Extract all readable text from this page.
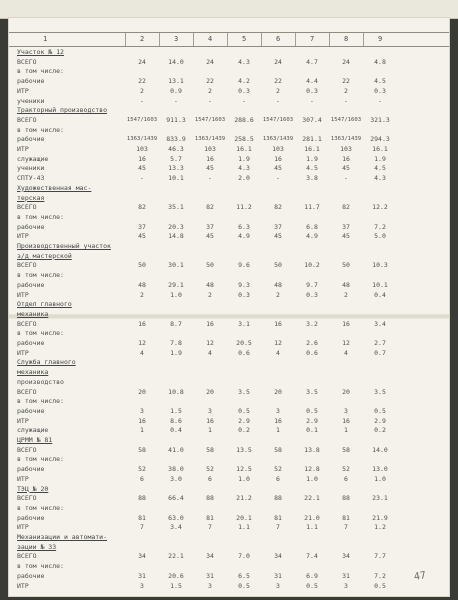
1	2	3	4	5	6	7	8	9
Участок № 12
ВСЕГО	24	14.0	24	4.3	24	4.7	24	4.8
в том числе:
рабочие	22	13.1	22	4.2	22	4.4	22	4.5
ИТР	2	0.9	2	0.3	2	0.3	2	0.3
ученики	-	-	-	-	-	-	-	-
Тракторный производство
ВСЕГО	1547/1603	911.3	1547/1603	288.6	1547/1603	307.4	1547/1603	321.3
в том числе:
рабочие	1363/1439	833.9	1363/1439	258.5	1363/1439	281.1	1363/1439	294.3
ИТР	103	46.3	103	16.1	103	16.1	103	16.1
служащие	16	5.7	16	1.9	16	1.9	16	1.9
ученики	45	13.3	45	4.3	45	4.5	45	4.5
СПТУ-43	-	10.1	-	2.0	-	3.8	-	4.3
Художественная мас-
терская
ВСЕГО	82	35.1	82	11.2	82	11.7	82	12.2
в том числе:
рабочие	37	20.3	37	6.3	37	6.8	37	7.2
ИТР	45	14.8	45	4.9	45	4.9	45	5.0
Производственный участок
з/д мастерской
ВСЕГО	50	30.1	50	9.6	50	10.2	50	10.3
в том числе:
рабочие	48	29.1	48	9.3	48	9.7	48	10.1
ИТР	2	1.0	2	0.3	2	0.3	2	0.4
Отдел главного
механика
ВСЕГО	16	8.7	16	3.1	16	3.2	16	3.4
в том числе:
рабочие	12	7.8	12	20.5	12	2.6	12	2.7
ИТР	4	1.9	4	0.6	4	0.6	4	0.7
Служба главного
механика
производство
ВСЕГО	20	10.8	20	3.5	20	3.5	20	3.5
в том числе:
рабочие	3	1.5	3	0.5	3	0.5	3	0.5
ИТР	16	8.6	16	2.9	16	2.9	16	2.9
служащие	1	0.4	1	0.2	1	0.1	1	0.2
ЦРММ № 81
ВСЕГО	58	41.0	58	13.5	58	13.8	58	14.0
в том числе:
рабочие	52	38.0	52	12.5	52	12.8	52	13.0
ИТР	6	3.0	6	1.0	6	1.0	6	1.0
ТЭЦ № 20
ВСЕГО	88	66.4	88	21.2	88	22.1	88	23.1
в том числе:
рабочие	81	63.0	81	20.1	81	21.0	81	21.9
ИТР	7	3.4	7	1.1	7	1.1	7	1.2
Механизации и автомати-
зации № 33
ВСЕГО	34	22.1	34	7.0	34	7.4	34	7.7
в том числе:
рабочие	31	20.6	31	6.5	31	6.9	31	7.2
ИТР	3	1.5	3	0.5	3	0.5	3	0.5
47
